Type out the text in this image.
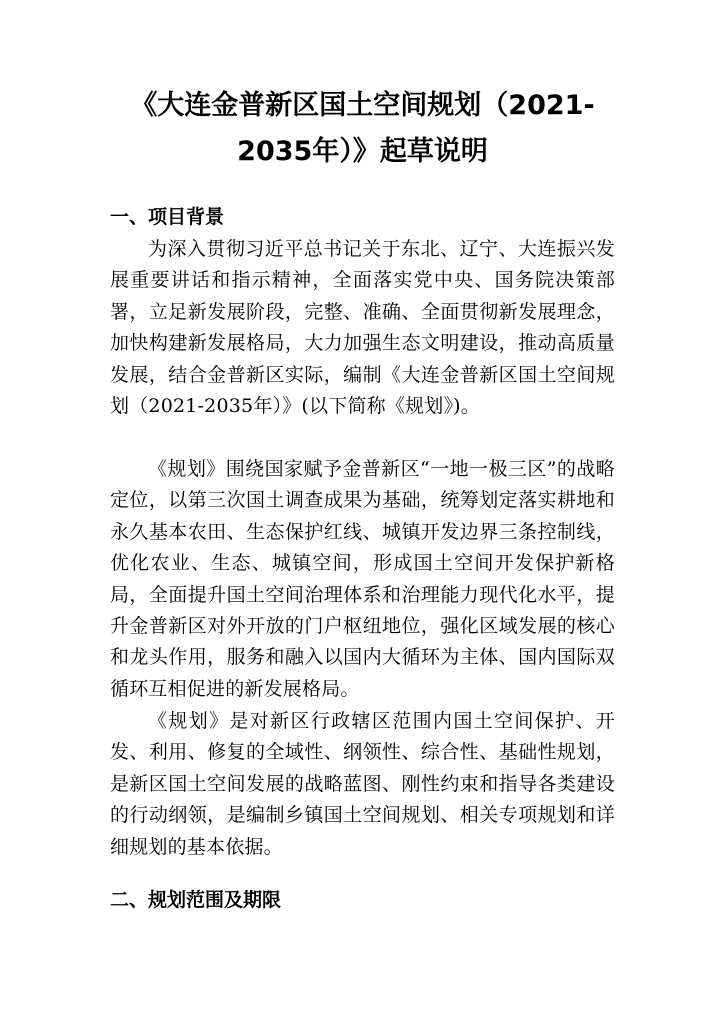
《大连金普新区国土空间规划（2021-2035年）》起草说明
一、项目背景

为深入贯彻习近平总书记关于东北、辽宁、大连振兴发展重要讲话和指示精神，全面落实党中央、国务院决策部署，立足新发展阶段，完整、准确、全面贯彻新发展理念，加快构建新发展格局，大力加强生态文明建设，推动高质量发展，结合金普新区实际，编制《大连金普新区国土空间规划（2021-2035年）》(以下简称《规划》)。

《规划》围绕国家赋予金普新区“一地一极三区”的战略定位，以第三次国土调查成果为基础，统筹划定落实耕地和永久基本农田、生态保护红线、城镇开发边界三条控制线，优化农业、生态、城镇空间，形成国土空间开发保护新格局，全面提升国土空间治理体系和治理能力现代化水平，提升金普新区对外开放的门户枢纽地位，强化区域发展的核心和龙头作用，服务和融入以国内大循环为主体、国内国际双循环互相促进的新发展格局。

《规划》是对新区行政辖区范围内国土空间保护、开发、利用、修复的全域性、纲领性、综合性、基础性规划，是新区国土空间发展的战略蓝图、刚性约束和指导各类建设的行动纲领，是编制乡镇国土空间规划、相关专项规划和详细规划的基本依据。

二、规划范围及期限
